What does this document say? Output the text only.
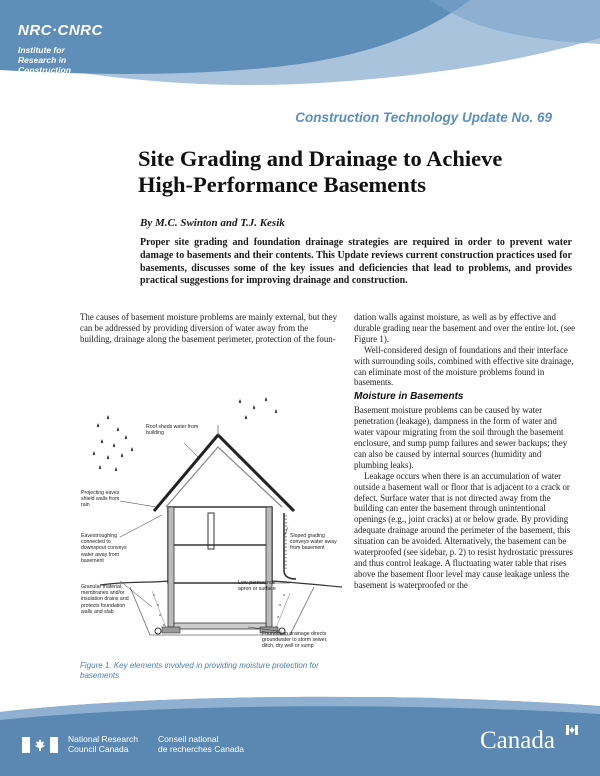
NRC·CNRC
Institute for
Research in
Construction
Construction Technology Update No. 69
Site Grading and Drainage to Achieve
High-Performance Basements
By M.C. Swinton and T.J. Kesik
Proper site grading and foundation drainage strategies are required in order to prevent water damage to basements and their contents. This Update reviews current construction practices used for basements, discusses some of the key issues and deficiencies that lead to problems, and provides practical suggestions for improving drainage and construction.

The causes of basement moisture problems are mainly external, but they can be addressed by providing diversion of water away from the building, drainage along the basement perimeter, protection of the foun-

dation walls against moisture, as well as by effective and durable grading near the basement and over the entire lot. (see Figure 1).

Well-considered design of foundations and their interface with surrounding soils, combined with effective site drainage, can eliminate most of the moisture problems found in basements.

Moisture in Basements

Basement moisture problems can be caused by water penetration (leakage), dampness in the form of water and water vapour migrating from the soil through the basement enclosure, and sump pump failures and sewer backups; they can also be caused by internal sources (humidity and plumbing leaks).

Leakage occurs when there is an accumulation of water outside a basement wall or floor that is adjacent to a crack or defect. Surface water that is not directed away from the building can enter the basement through unintentional openings (e.g., joint cracks) at or below grade. By providing adequate drainage around the perimeter of the basement, this situation can be avoided. Alternatively, the basement can be waterproofed (see sidebar, p. 2) to resist hydrostatic pressures and thus control leakage. A fluctuating water table that rises above the basement floor level may cause leakage unless the basement is waterproofed or the

Roof sheds water from building
Projecting eaves shield walls from rain
Eavestroughing connected to downspout conveys water away from basement
Granular material, membranes and/or insulation drains and protects foundation walls and slab
Sloped grading conveys water away from basement
Low-permeance apron or surface
Foundation drainage directs groundwater to storm sewer, ditch, dry well or sump
Figure 1. Key elements involved in providing moisture protection for basements
National Research
Council Canada
Conseil national
de recherches Canada	Canada
